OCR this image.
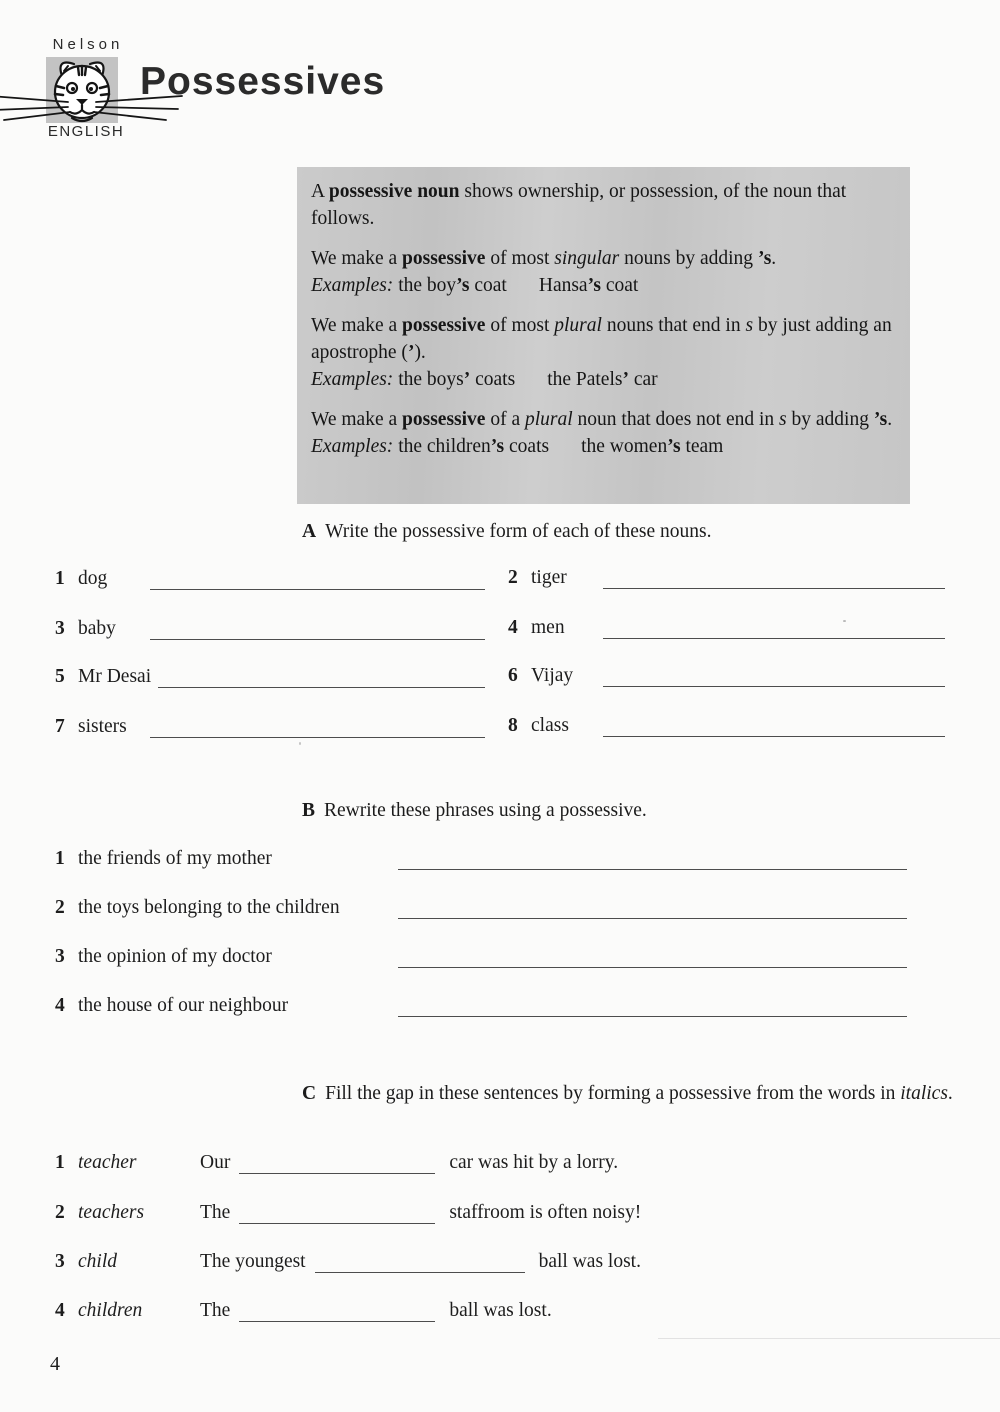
Nelson
ENGLISH
Possessives

A possessive noun shows ownership, or possession, of the noun that follows.

We make a possessive of most singular nouns by adding ’s.
Examples: the boy’s coat Hansa’s coat

We make a possessive of most plural nouns that end in s by just adding an apostrophe (’).
Examples: the boys’ coats the Patels’ car

We make a possessive of a plural noun that does not end in s by adding ’s.
Examples: the children’s coats the women’s team

A Write the possessive form of each of these nouns.
1 dog	2 tiger
3 baby	4 men
5 Mr Desai	6 Vijay
7 sisters	8 class
B Rewrite these phrases using a possessive.
1 the friends of my mother
2 the toys belonging to the children
3 the opinion of my doctor
4 the house of our neighbour
C Fill the gap in these sentences by forming a possessive from the words in italics.
1 teacher	Our	car was hit by a lorry.
2 teachers	The	staffroom is often noisy!
3 child	The youngest	ball was lost.
4 children	The	ball was lost.
4
